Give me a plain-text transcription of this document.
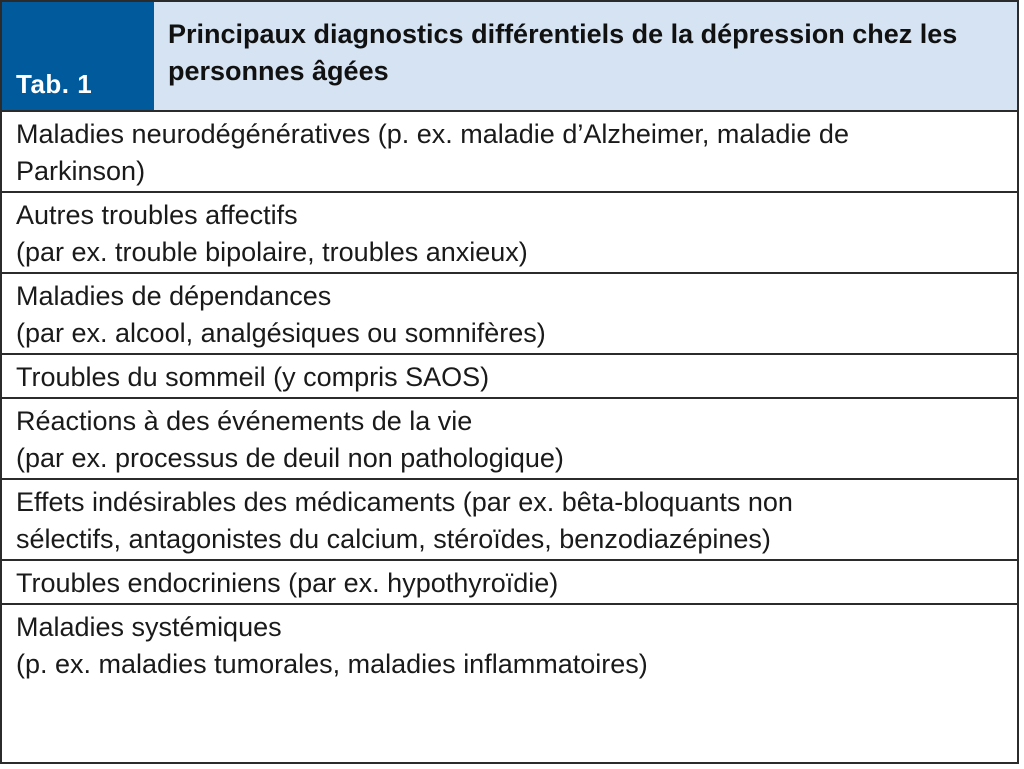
Tab. 1
Principaux diagnostics différentiels de la dépression chez les personnes âgées
Maladies neurodégénératives (p. ex. maladie d’Alzheimer, maladie de
Parkinson)
Autres troubles affectifs
(par ex. trouble bipolaire, troubles anxieux)
Maladies de dépendances
(par ex. alcool, analgésiques ou somnifères)
Troubles du sommeil (y compris SAOS)
Réactions à des événements de la vie
(par ex. processus de deuil non pathologique)
Effets indésirables des médicaments (par ex. bêta-bloquants non
sélectifs, antagonistes du calcium, stéroïdes, benzodiazépines)
Troubles endocriniens (par ex. hypothyroïdie)
Maladies systémiques
(p. ex. maladies tumorales, maladies inflammatoires)
